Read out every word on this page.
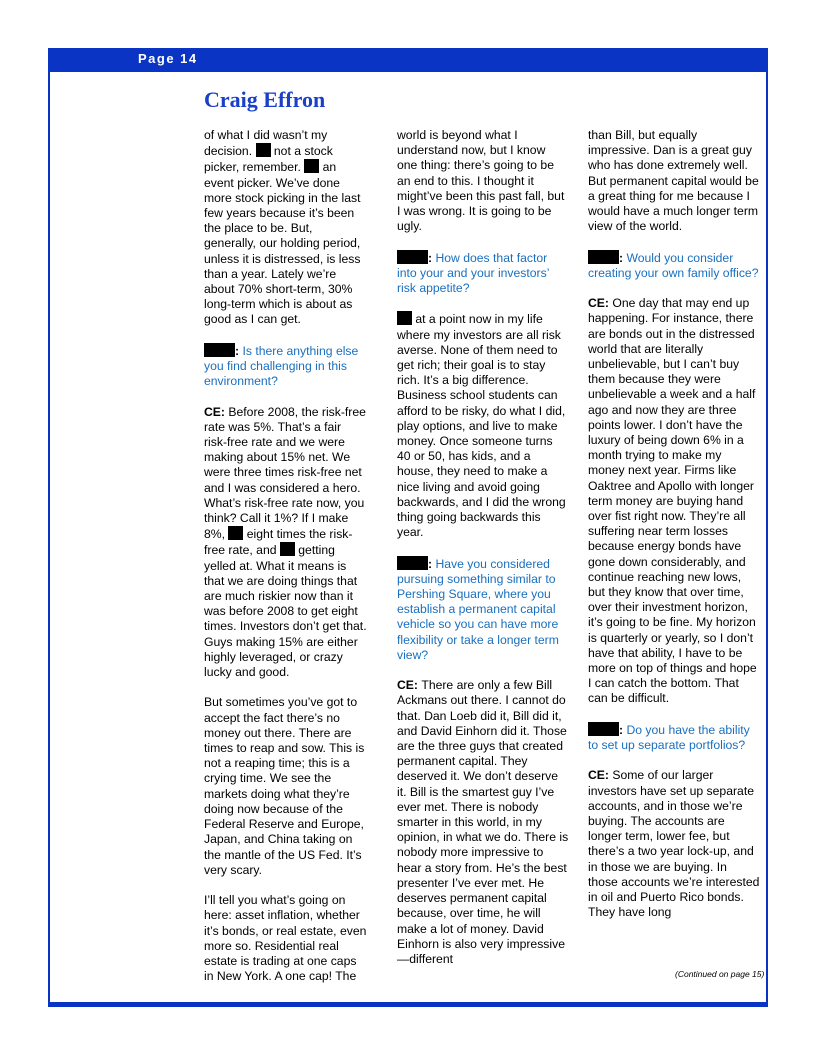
Page 14
Craig Effron

of what I did wasn’t my decision.  not a stock picker, remember.  an event picker. We’ve done more stock picking in the last few years because it’s been the place to be. But, generally, our holding period, unless it is distressed, is less than a year. Lately we’re about 70% short-term, 30% long-term which is about as good as I can get.

: Is there anything else you find challenging in this environment?

CE: Before 2008, the risk-free rate was 5%. That’s a fair risk-free rate and we were making about 15% net. We were three times risk-free net and I was considered a hero. What’s risk-free rate now, you think? Call it 1%? If I make 8%,  eight times the risk-free rate, and  getting yelled at. What it means is that we are doing things that are much riskier now than it was before 2008 to get eight times. Investors don’t get that. Guys making 15% are either highly leveraged, or crazy lucky and good.

But sometimes you’ve got to accept the fact there’s no money out there. There are times to reap and sow. This is not a reaping time; this is a crying time. We see the markets doing what they’re doing now because of the Federal Reserve and Europe, Japan, and China taking on the mantle of the US Fed. It’s very scary.

I’ll tell you what’s going on here: asset inflation, whether it’s bonds, or real estate, even more so. Residential real estate is trading at one caps in New York. A one cap! The

world is beyond what I understand now, but I know one thing: there’s going to be an end to this. I thought it might’ve been this past fall, but I was wrong. It is going to be ugly.

: How does that factor into your and your investors’ risk appetite?

at a point now in my life where my investors are all risk averse. None of them need to get rich; their goal is to stay rich. It’s a big difference. Business school students can afford to be risky, do what I did, play options, and live to make money. Once someone turns 40 or 50, has kids, and a house, they need to make a nice living and avoid going backwards, and I did the wrong thing going backwards this year.

: Have you considered pursuing something similar to Pershing Square, where you establish a permanent capital vehicle so you can have more flexibility or take a longer term view?

CE: There are only a few Bill Ackmans out there. I cannot do that. Dan Loeb did it, Bill did it, and David Einhorn did it. Those are the three guys that created permanent capital. They deserved it. We don’t deserve it. Bill is the smartest guy I’ve ever met. There is nobody smarter in this world, in my opinion, in what we do. There is nobody more impressive to hear a story from. He’s the best presenter I’ve ever met. He deserves permanent capital because, over time, he will make a lot of money. David Einhorn is also very impressive—different

than Bill, but equally impressive. Dan is a great guy who has done extremely well. But permanent capital would be a great thing for me because I would have a much longer term view of the world.

: Would you consider creating your own family office?

CE: One day that may end up happening. For instance, there are bonds out in the distressed world that are literally unbelievable, but I can’t buy them because they were unbelievable a week and a half ago and now they are three points lower. I don’t have the luxury of being down 6% in a month trying to make my money next year. Firms like Oaktree and Apollo with longer term money are buying hand over fist right now. They’re all suffering near term losses because energy bonds have gone down considerably, and continue reaching new lows, but they know that over time, over their investment horizon, it’s going to be fine. My horizon is quarterly or yearly, so I don’t have that ability, I have to be more on top of things and hope I can catch the bottom. That can be difficult.

: Do you have the ability to set up separate portfolios?

CE: Some of our larger investors have set up separate accounts, and in those we’re buying. The accounts are longer term, lower fee, but there’s a two year lock-up, and in those we are buying. In those accounts we’re interested in oil and Puerto Rico bonds. They have long

(Continued on page 15)
